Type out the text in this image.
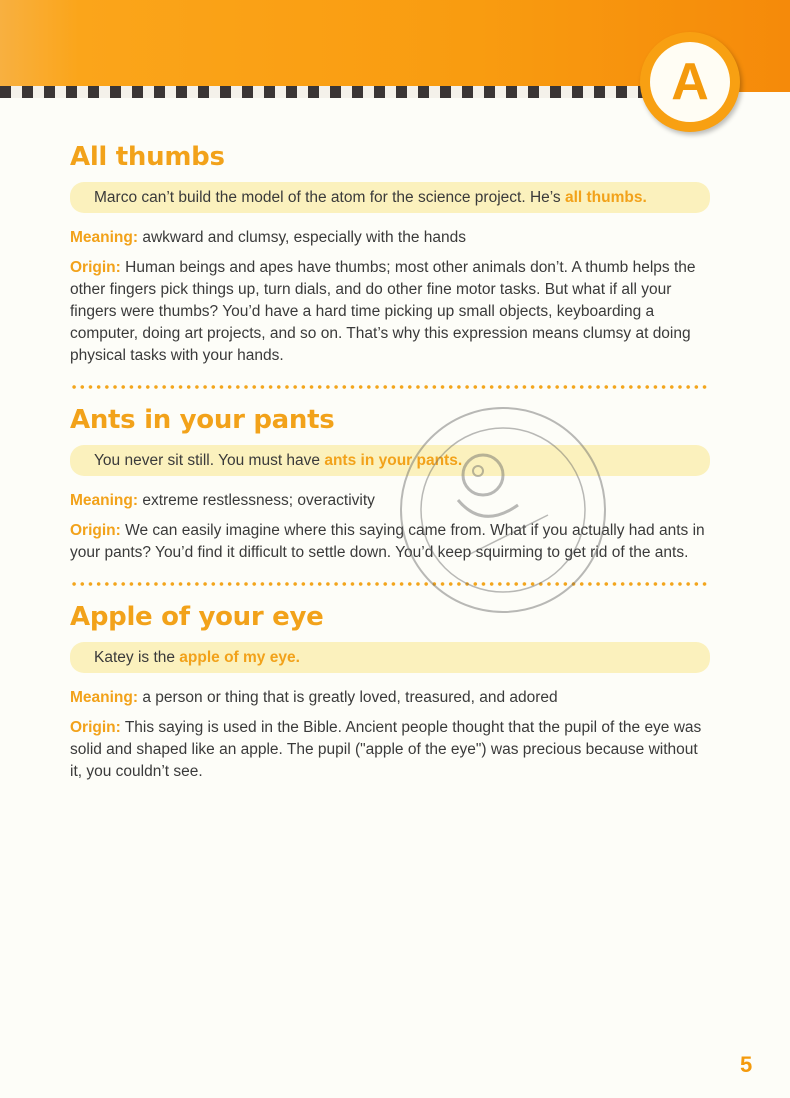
A
All thumbs
Marco can’t build the model of the atom for the science project. He’s all thumbs.
Meaning: awkward and clumsy, especially with the hands
Origin: Human beings and apes have thumbs; most other animals don’t. A thumb helps the other fingers pick things up, turn dials, and do other fine motor tasks. But what if all your fingers were thumbs? You’d have a hard time picking up small objects, keyboarding a computer, doing art projects, and so on. That’s why this expression means clumsy at doing physical tasks with your hands.
Ants in your pants
You never sit still. You must have ants in your pants.
Meaning: extreme restlessness; overactivity
Origin: We can easily imagine where this saying came from. What if you actually had ants in your pants? You’d find it difficult to settle down. You’d keep squirming to get rid of the ants.
Apple of your eye
Katey is the apple of my eye.
Meaning: a person or thing that is greatly loved, treasured, and adored
Origin: This saying is used in the Bible. Ancient people thought that the pupil of the eye was solid and shaped like an apple. The pupil ("apple of the eye") was precious because without it, you couldn’t see.
5
